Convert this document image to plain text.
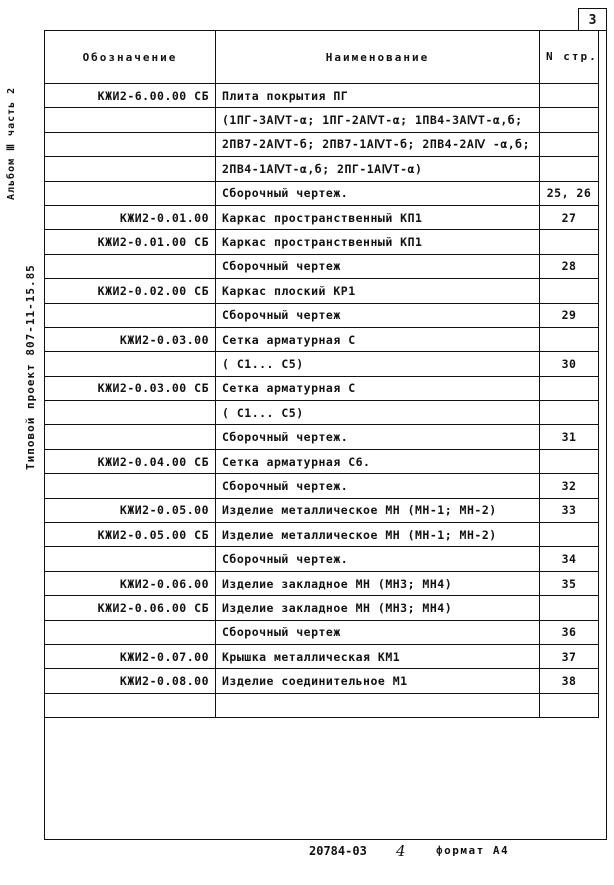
Альбом Ⅲ часть 2
Типовой проект 807-11-15.85
3
Обозначение	Наименование	N стр.
КЖИ2-6.00.00 СБ	Плита покрытия ПГ	
	(1ПГ-3АⅣТ-α; 1ПГ-2АⅣТ-α; 1ПВ4-3АⅣТ-α,б;	
	2ПВ7-2АⅣТ-б; 2ПВ7-1АⅣТ-б; 2ПВ4-2АⅣ -α,б;	
	2ПВ4-1АⅣТ-α,б; 2ПГ-1АⅣТ-α)	
	Сборочный чертеж.	25, 26
КЖИ2-0.01.00	Каркас пространственный КП1	27
КЖИ2-0.01.00 СБ	Каркас пространственный КП1	
	Сборочный чертеж	28
КЖИ2-0.02.00 СБ	Каркас плоский КР1	
	Сборочный чертеж	29
КЖИ2-0.03.00	Сетка арматурная С	
	( С1... С5)	30
КЖИ2-0.03.00 СБ	Сетка арматурная С	
	( С1... С5)	
	Сборочный чертеж.	31
КЖИ2-0.04.00 СБ	Сетка арматурная С6.	
	Сборочный чертеж.	32
КЖИ2-0.05.00	Изделие металлическое МН (МН-1; МН-2)	33
КЖИ2-0.05.00 СБ	Изделие металлическое МН (МН-1; МН-2)	
	Сборочный чертеж.	34
КЖИ2-0.06.00	Изделие закладное МН (МН3; МН4)	35
КЖИ2-0.06.00 СБ	Изделие закладное МН (МН3; МН4)	
	Сборочный чертеж	36
КЖИ2-0.07.00	Крышка металлическая КМ1	37
КЖИ2-0.08.00	Изделие соединительное М1	38

20784-03 4	формат А4
